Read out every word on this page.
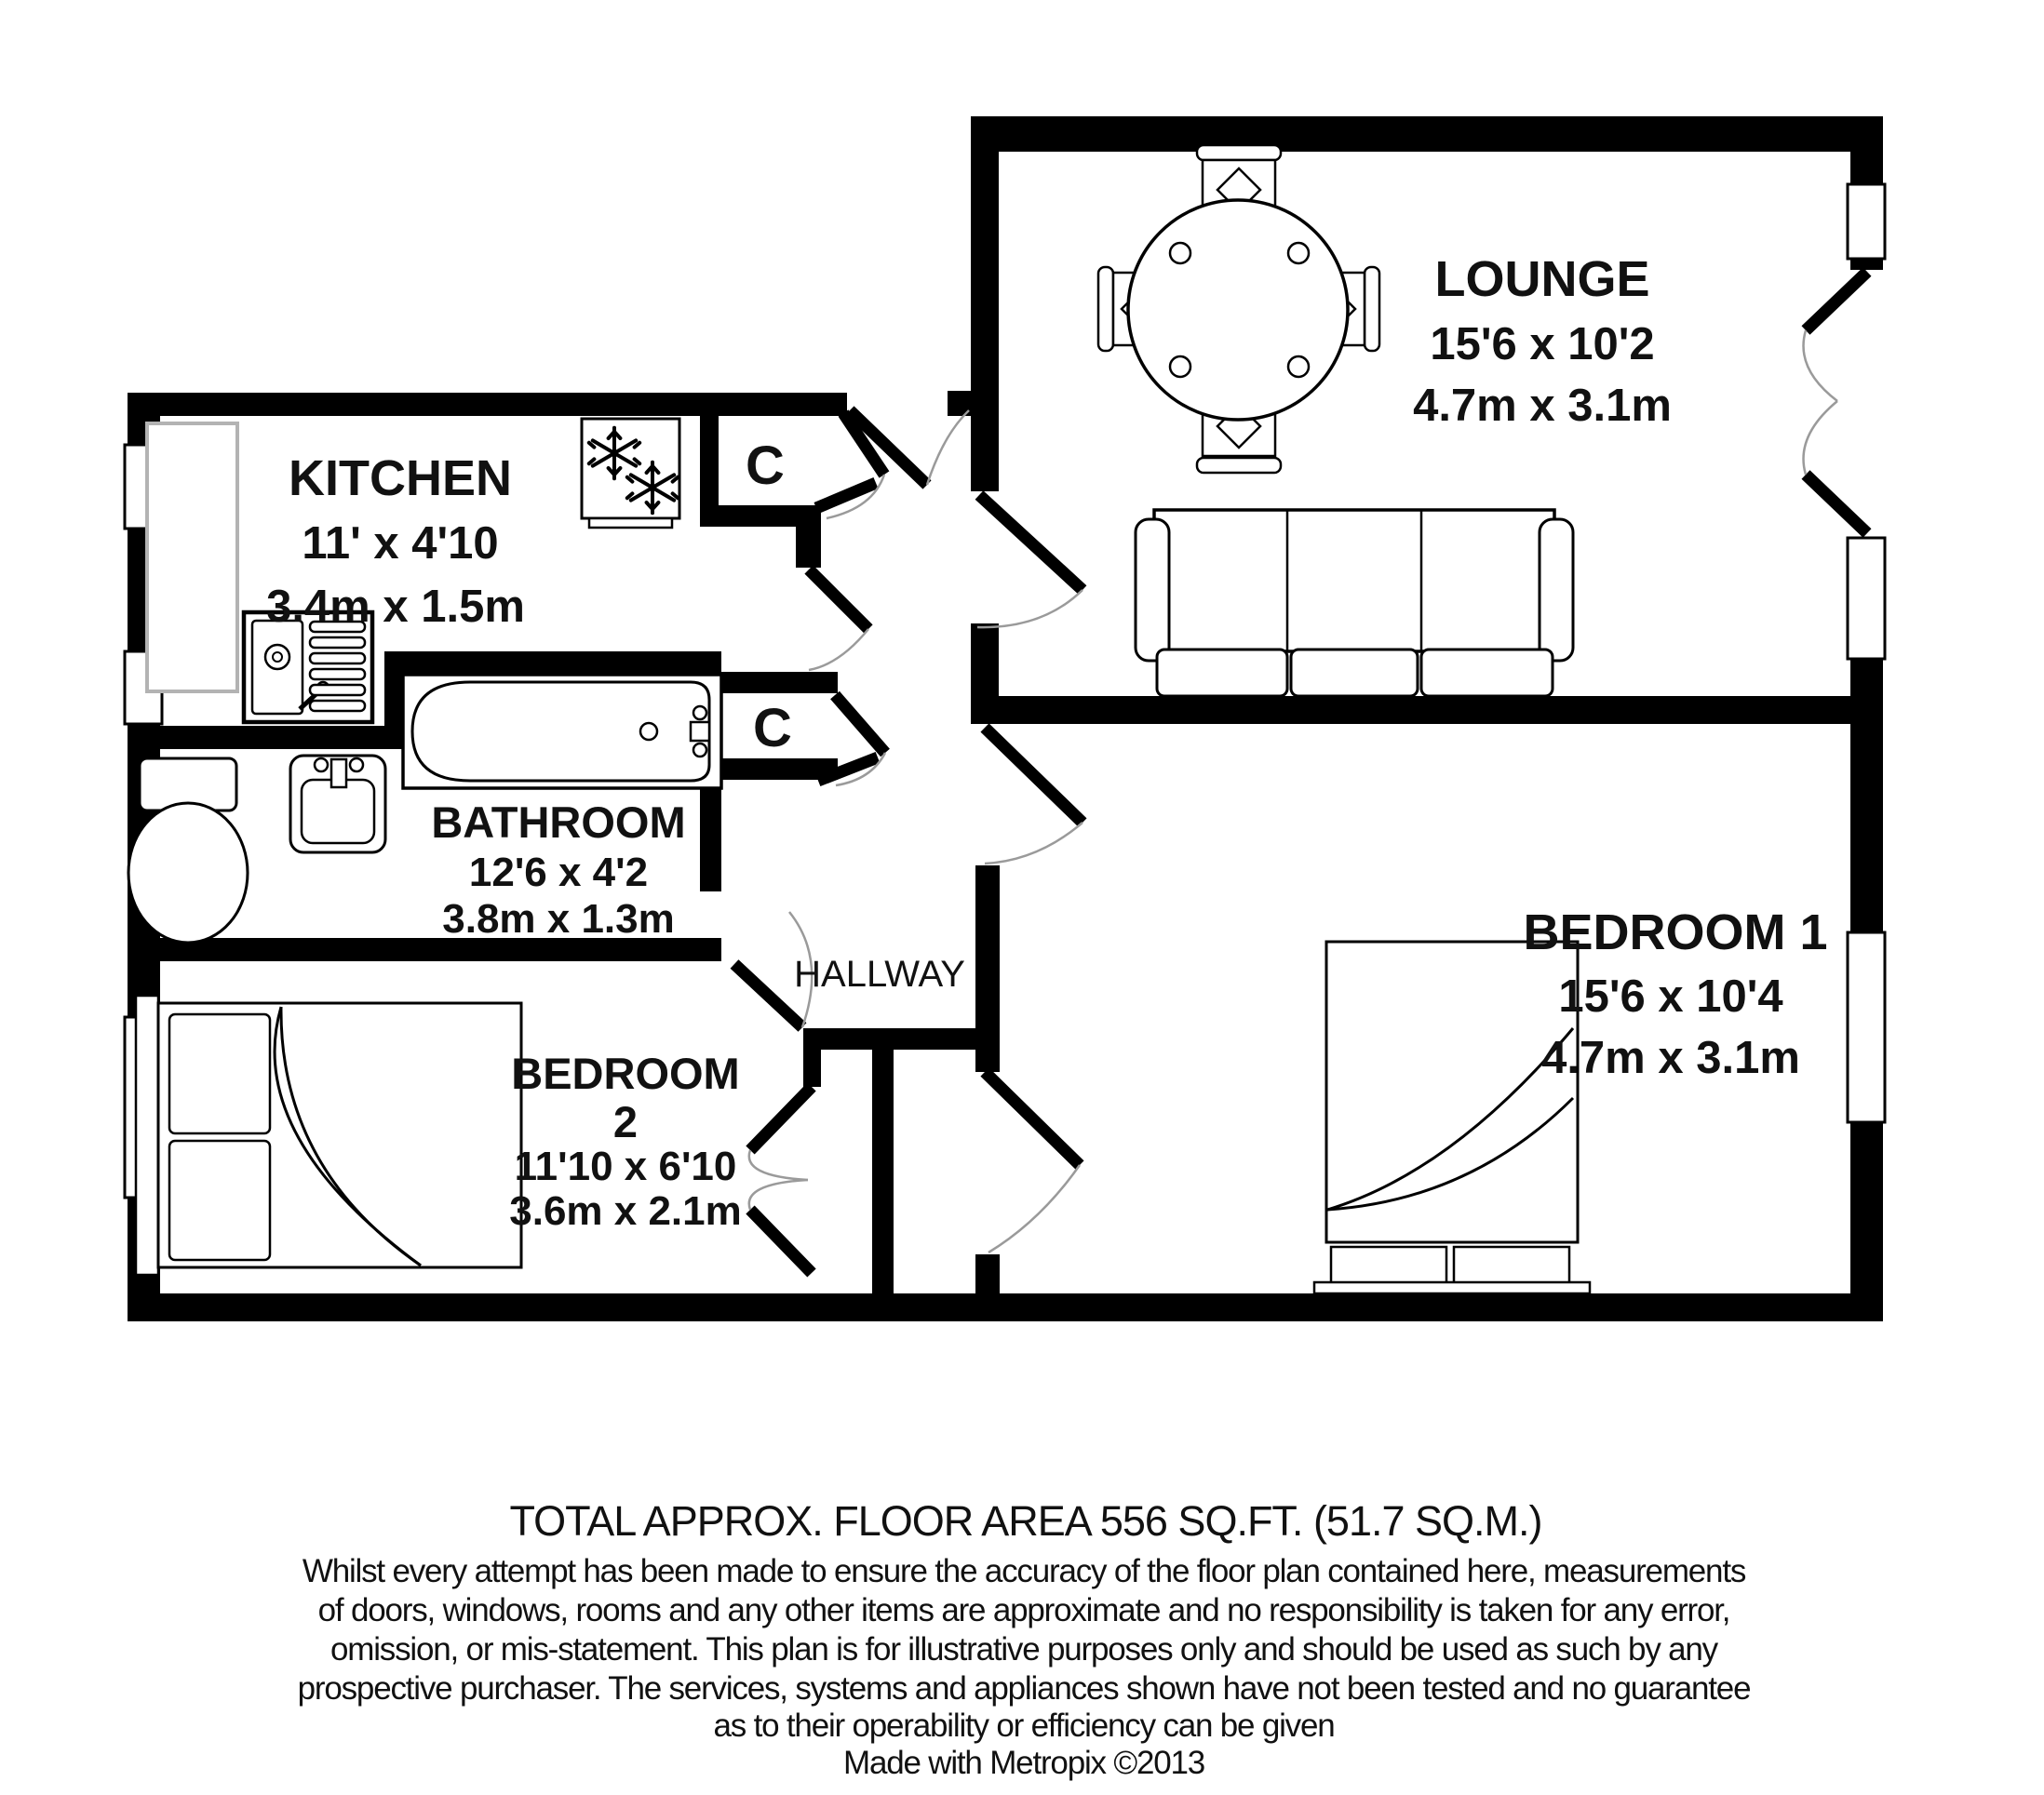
KITCHEN
11' x 4'10
3.4m x 1.5m
LOUNGE
15'6 x 10'2
4.7m x 3.1m
BATHROOM
12'6 x 4'2
3.8m x 1.3m	BEDROOM 1
15'6 x 10'4
4.7m x 3.1m
BEDROOM
2
11'10 x 6'10
3.6m x 2.1m
HALLWAY
C
C
TOTAL APPROX. FLOOR AREA 556 SQ.FT. (51.7 SQ.M.)
Whilst every attempt has been made to ensure the accuracy of the floor plan contained here, measurements
of doors, windows, rooms and any other items are approximate and no responsibility is taken for any error,
omission, or mis-statement. This plan is for illustrative purposes only and should be used as such by any
prospective purchaser. The services, systems and appliances shown have not been tested and no guarantee
as to their operability or efficiency can be given
Made with Metropix ©2013
